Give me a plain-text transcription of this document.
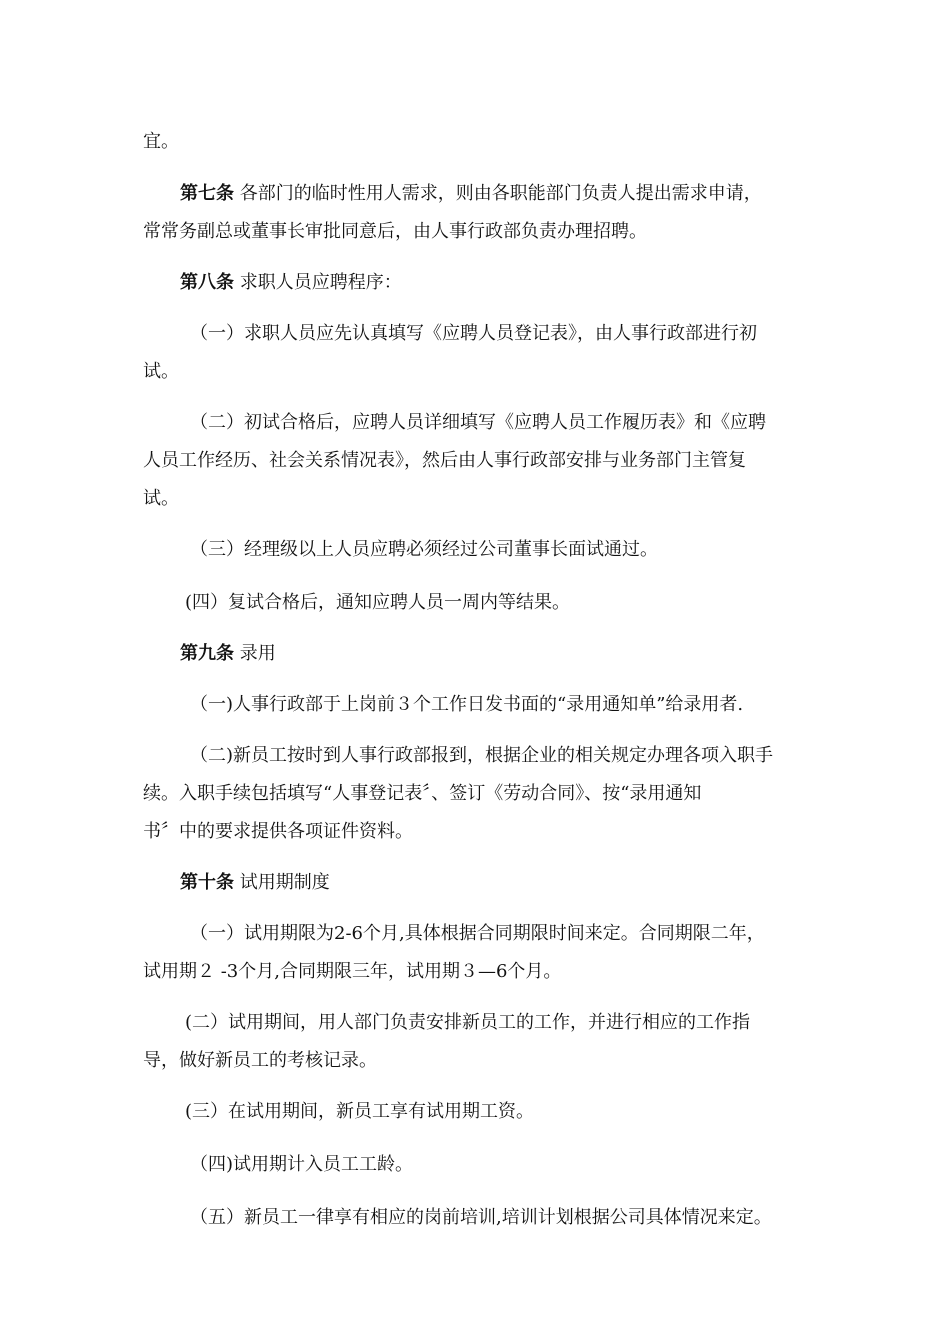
宜。
第七条 各部门的临时性用人需求，则由各职能部门负责人提出需求申请，
常常务副总或董事长审批同意后，由人事行政部负责办理招聘。
第八条 求职人员应聘程序：
（一）求职人员应先认真填写《应聘人员登记表》，由人事行政部进行初
试。
（二）初试合格后，应聘人员详细填写《应聘人员工作履历表》和《应聘
人员工作经历、社会关系情况表》，然后由人事行政部安排与业务部门主管复
试。
（三）经理级以上人员应聘必须经过公司董事长面试通过。
(四）复试合格后，通知应聘人员一周内等结果。
第九条 录用
（一)人事行政部于上岗前３个工作日发书面的“录用通知单”给录用者.
（二)新员工按时到人事行政部报到，根据企业的相关规定办理各项入职手
续。入职手续包括填写“人事登记表〞、签订《劳动合同》、按“录用通知
书〞中的要求提供各项证件资料。
第十条 试用期制度
（一）试用期限为2-6个月,具体根据合同期限时间来定。合同期限二年，
试用期２ -3个月,合同期限三年，试用期３—6个月。
(二）试用期间，用人部门负责安排新员工的工作，并进行相应的工作指
导，做好新员工的考核记录。
(三）在试用期间，新员工享有试用期工资。
（四)试用期计入员工工龄。
（五）新员工一律享有相应的岗前培训,培训计划根据公司具体情况来定。
